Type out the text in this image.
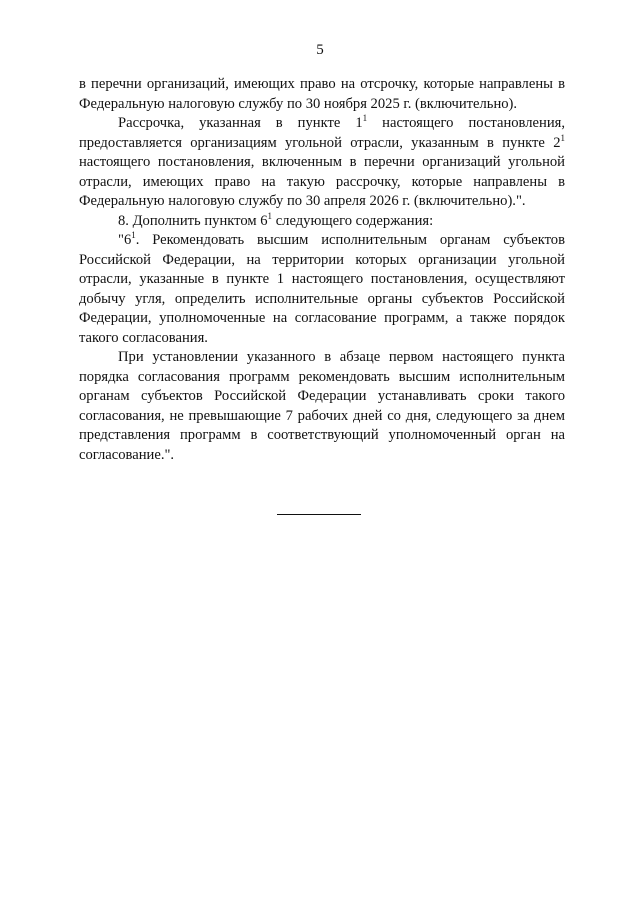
5

в перечни организаций, имеющих право на отсрочку, которые направлены в Федеральную налоговую службу по 30 ноября 2025 г. (включительно).

Рассрочка, указанная в пункте $1^1$ настоящего постановления, предоставляется организациям угольной отрасли, указанным в пункте $2^1$ настоящего постановления, включенным в перечни организаций угольной отрасли, имеющих право на такую рассрочку, которые направлены в Федеральную налоговую службу по 30 апреля 2026 г. (включительно).".

8. Дополнить пунктом $6^1$ следующего содержания:

"$6^1$. Рекомендовать высшим исполнительным органам субъектов Российской Федерации, на территории которых организации угольной отрасли, указанные в пункте 1 настоящего постановления, осуществляют добычу угля, определить исполнительные органы субъектов Российской Федерации, уполномоченные на согласование программ, а также порядок такого согласования.

При установлении указанного в абзаце первом настоящего пункта порядка согласования программ рекомендовать высшим исполнительным органам субъектов Российской Федерации устанавливать сроки такого согласования, не превышающие 7 рабочих дней со дня, следующего за днем представления программ в соответствующий уполномоченный орган на согласование.".
